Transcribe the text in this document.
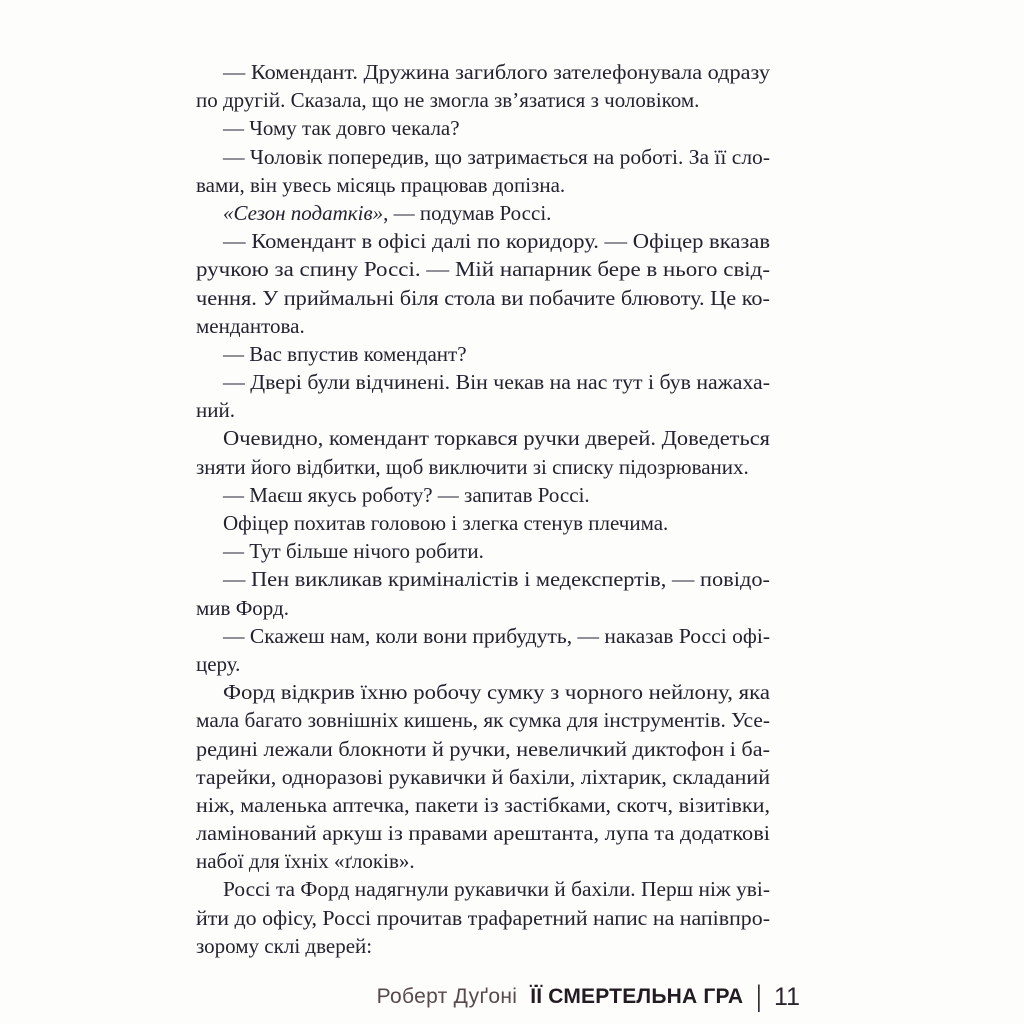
— Комендант. Дружина загиблого зателефонувала одразу
по другій. Сказала, що не змогла зв’язатися з чоловіком.
— Чому так довго чекала?
— Чоловік попередив, що затримається на роботі. За її сло-
вами, він увесь місяць працював допізна.
«Сезон податків», — подумав Россі.
— Комендант в офісі далі по коридору. — Офіцер вказав
ручкою за спину Россі. — Мій напарник бере в нього свід-
чення. У приймальні біля стола ви побачите блювоту. Це ко-
мендантова.
— Вас впустив комендант?
— Двері були відчинені. Він чекав на нас тут і був нажаха-
ний.
Очевидно, комендант торкався ручки дверей. Доведеться
зняти його відбитки, щоб виключити зі списку підозрюваних.
— Маєш якусь роботу? — запитав Россі.
Офіцер похитав головою і злегка стенув плечима.
— Тут більше нічого робити.
— Пен викликав криміналістів і медекспертів, — повідо-
мив Форд.
— Скажеш нам, коли вони прибудуть, — наказав Россі офі-
церу.
Форд відкрив їхню робочу сумку з чорного нейлону, яка
мала багато зовнішніх кишень, як сумка для інструментів. Усе-
редині лежали блокноти й ручки, невеличкий диктофон і ба-
тарейки, одноразові рукавички й бахіли, ліхтарик, складаний
ніж, маленька аптечка, пакети із застібками, скотч, візитівки,
ламінований аркуш із правами арештанта, лупа та додаткові
набої для їхніх «ґлоків».
Россі та Форд надягнули рукавички й бахіли. Перш ніж уві-
йти до офісу, Россі прочитав трафаретний напис на напівпро-
зорому склі дверей:
Роберт Дуґоні ЇЇ СМЕРТЕЛЬНА ГРА | 11
